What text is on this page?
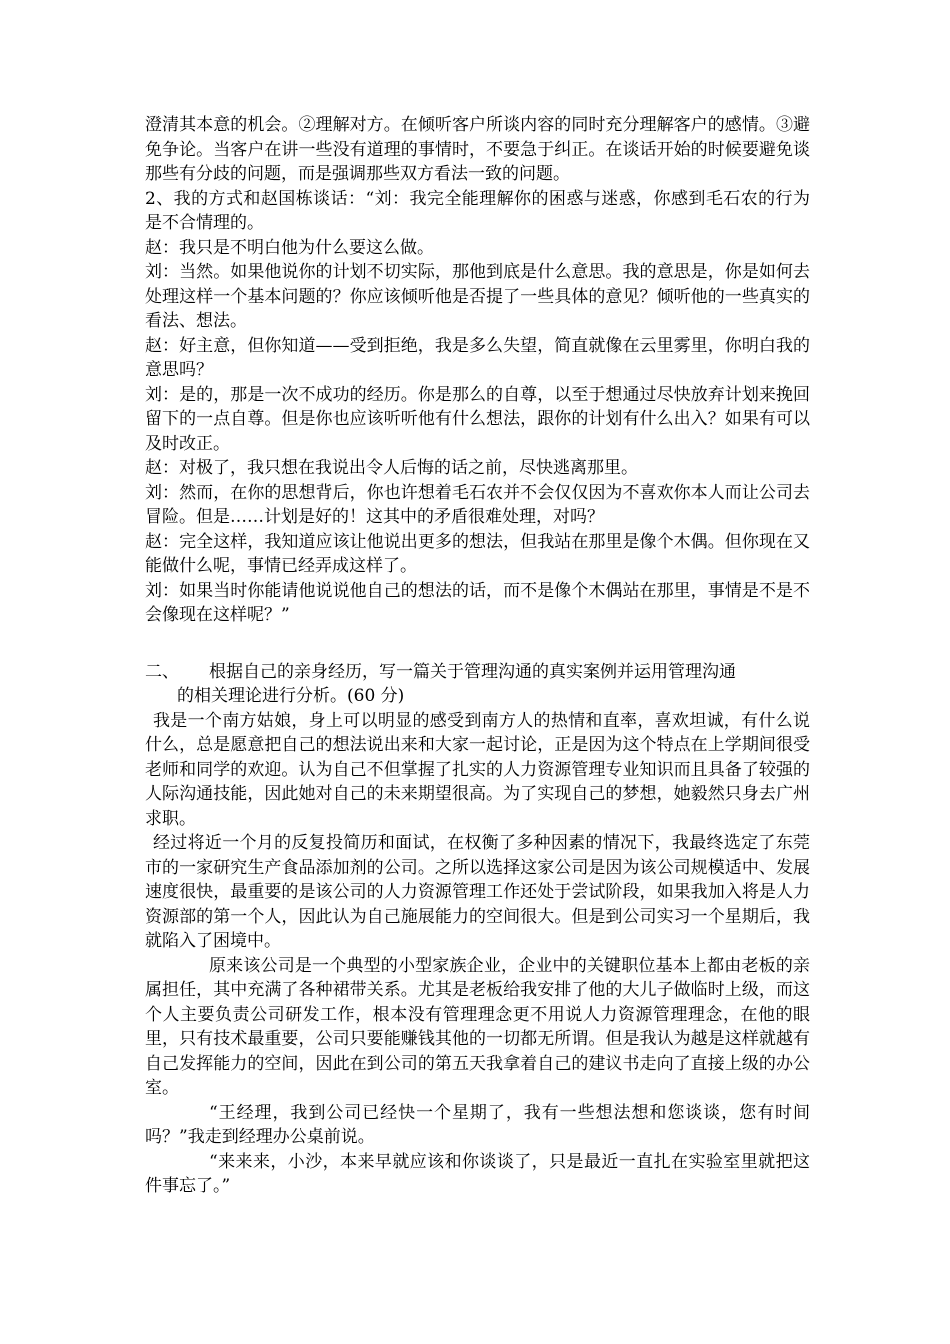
澄清其本意的机会。②理解对方。在倾听客户所谈内容的同时充分理解客户的感情。③避免争论。当客户在讲一些没有道理的事情时，不要急于纠正。在谈话开始的时候要避免谈那些有分歧的问题，而是强调那些双方看法一致的问题。

2、我的方式和赵国栋谈话：“刘：我完全能理解你的困惑与迷惑，你感到毛石农的行为是不合情理的。

赵：我只是不明白他为什么要这么做。

刘：当然。如果他说你的计划不切实际，那他到底是什么意思。我的意思是，你是如何去处理这样一个基本问题的？你应该倾听他是否提了一些具体的意见？倾听他的一些真实的看法、想法。

赵：好主意，但你知道——受到拒绝，我是多么失望，简直就像在云里雾里，你明白我的意思吗？

刘：是的，那是一次不成功的经历。你是那么的自尊，以至于想通过尽快放弃计划来挽回留下的一点自尊。但是你也应该听听他有什么想法，跟你的计划有什么出入？如果有可以及时改正。

赵：对极了，我只想在我说出令人后悔的话之前，尽快逃离那里。

刘：然而，在你的思想背后，你也许想着毛石农并不会仅仅因为不喜欢你本人而让公司去冒险。但是……计划是好的！这其中的矛盾很难处理，对吗？

赵：完全这样，我知道应该让他说出更多的想法，但我站在那里是像个木偶。但你现在又能做什么呢，事情已经弄成这样了。

刘：如果当时你能请他说说他自己的想法的话，而不是像个木偶站在那里，事情是不是不会像现在这样呢？”

二、	根据自己的亲身经历，写一篇关于管理沟通的真实案例并运用管理沟通

的相关理论进行分析。(60 分)

我是一个南方姑娘，身上可以明显的感受到南方人的热情和直率，喜欢坦诚，有什么说什么，总是愿意把自己的想法说出来和大家一起讨论，正是因为这个特点在上学期间很受老师和同学的欢迎。认为自己不但掌握了扎实的人力资源管理专业知识而且具备了较强的人际沟通技能，因此她对自己的未来期望很高。为了实现自己的梦想，她毅然只身去广州求职。

经过将近一个月的反复投简历和面试，在权衡了多种因素的情况下，我最终选定了东莞市的一家研究生产食品添加剂的公司。之所以选择这家公司是因为该公司规模适中、发展速度很快，最重要的是该公司的人力资源管理工作还处于尝试阶段，如果我加入将是人力资源部的第一个人，因此认为自己施展能力的空间很大。但是到公司实习一个星期后，我就陷入了困境中。

原来该公司是一个典型的小型家族企业，企业中的关键职位基本上都由老板的亲属担任，其中充满了各种裙带关系。尤其是老板给我安排了他的大儿子做临时上级，而这个人主要负责公司研发工作，根本没有管理理念更不用说人力资源管理理念，在他的眼里，只有技术最重要，公司只要能赚钱其他的一切都无所谓。但是我认为越是这样就越有自己发挥能力的空间，因此在到公司的第五天我拿着自己的建议书走向了直接上级的办公室。

“王经理，我到公司已经快一个星期了，我有一些想法想和您谈谈，您有时间吗？”我走到经理办公桌前说。

“来来来，小沙，本来早就应该和你谈谈了，只是最近一直扎在实验室里就把这件事忘了。”
